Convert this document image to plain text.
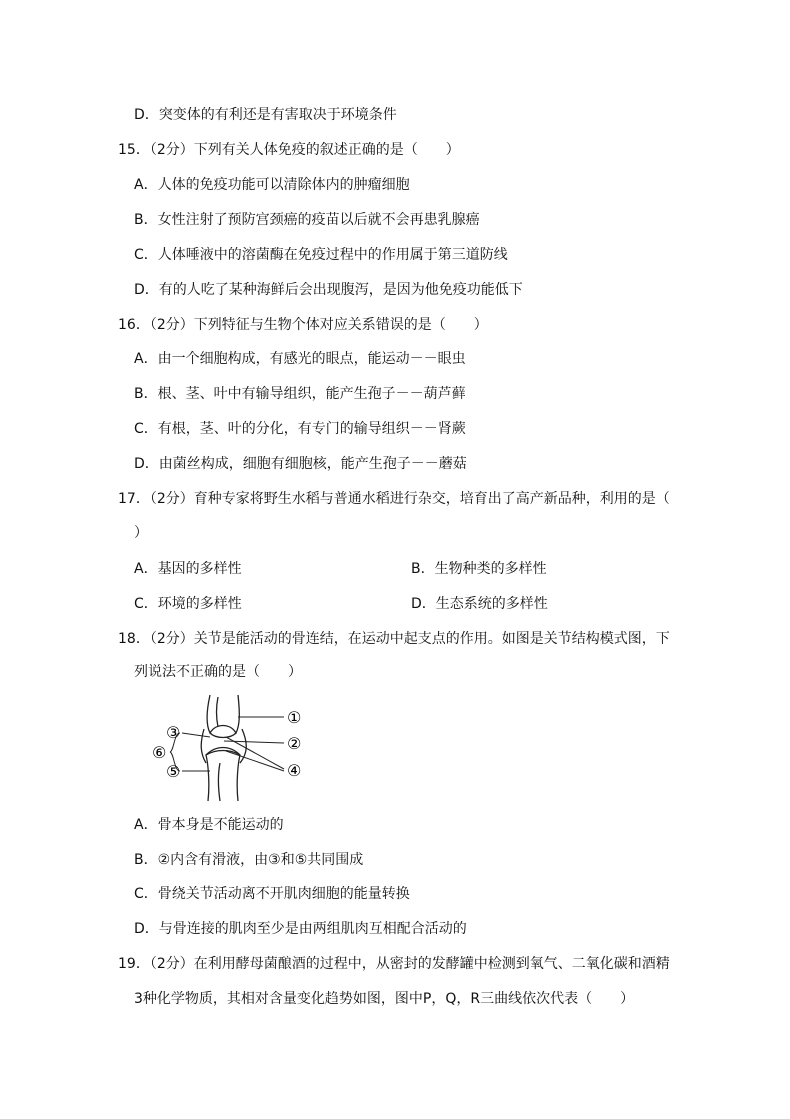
D．突变体的有利还是有害取决于环境条件
15．（2分）下列有关人体免疫的叙述正确的是（　　）
A．人体的免疫功能可以清除体内的肿瘤细胞
B．女性注射了预防宫颈癌的疫苗以后就不会再患乳腺癌
C．人体唾液中的溶菌酶在免疫过程中的作用属于第三道防线
D．有的人吃了某种海鲜后会出现腹泻，是因为他免疫功能低下
16．（2分）下列特征与生物个体对应关系错误的是（　　）
A．由一个细胞构成，有感光的眼点，能运动－－眼虫
B．根、茎、叶中有输导组织，能产生孢子－－葫芦藓
C．有根，茎、叶的分化，有专门的输导组织－－肾蕨
D．由菌丝构成，细胞有细胞核，能产生孢子－－蘑菇
17．（2分）育种专家将野生水稻与普通水稻进行杂交，培育出了高产新品种，利用的是（
）
A．基因的多样性	B．生物种类的多样性
C．环境的多样性	D．生态系统的多样性
18．（2分）关节是能活动的骨连结，在运动中起支点的作用。如图是关节结构模式图，下
列说法不正确的是（　　）
①
②
③
④
⑤
⑥
A．骨本身是不能运动的
B．②内含有滑液，由③和⑤共同围成
C．骨绕关节活动离不开肌肉细胞的能量转换
D．与骨连接的肌肉至少是由两组肌肉互相配合活动的
19．（2分）在利用酵母菌酿酒的过程中，从密封的发酵罐中检测到氧气、二氧化碳和酒精
3种化学物质，其相对含量变化趋势如图，图中P，Q，R三曲线依次代表（　　）
